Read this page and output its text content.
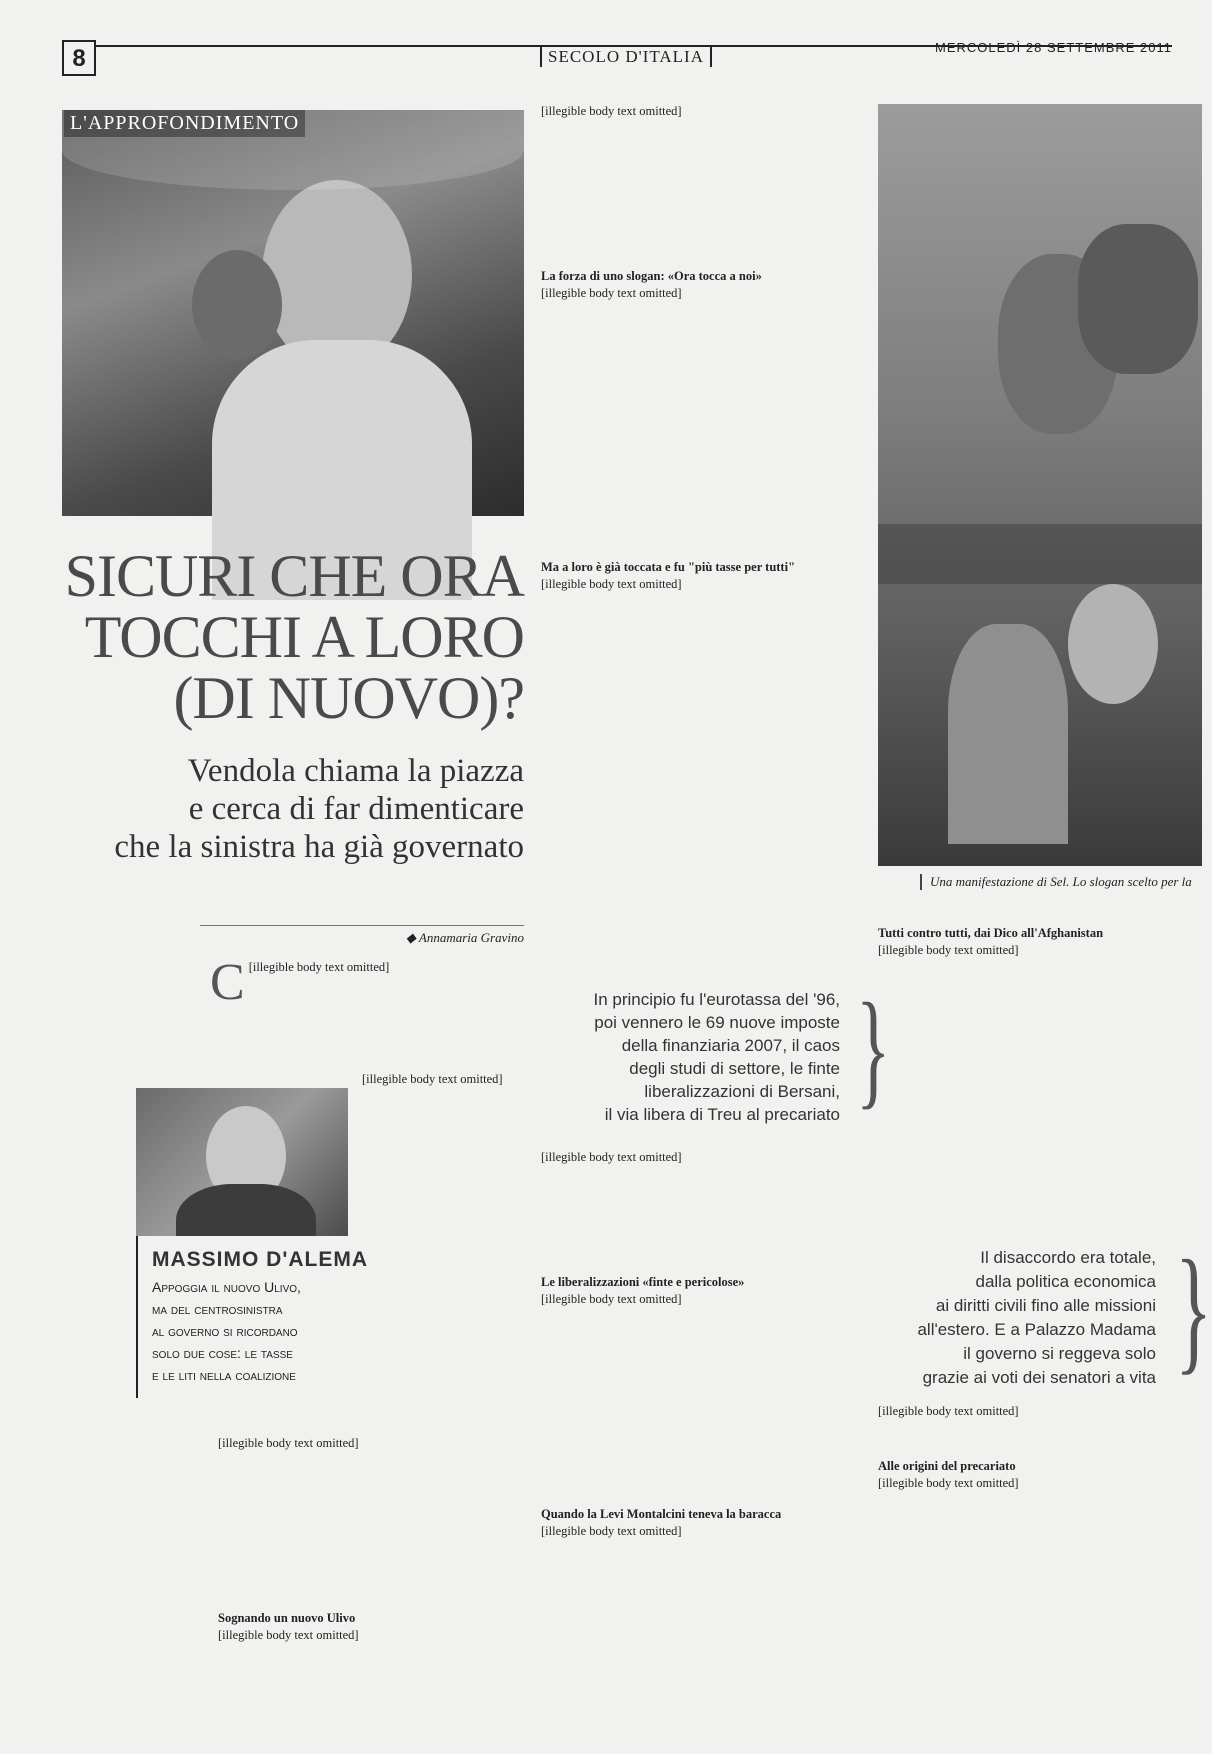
8	SECOLO D'ITALIA	MERCOLEDÌ 28 SETTEMBRE 2011
L'APPROFONDIMENTO
SICURI CHE ORA
TOCCHI A LORO
(DI NUOVO)?
Vendola chiama la piazza
e cerca di far dimenticare
che la sinistra ha già governato
◆ Annamaria Gravino
C [illegible body text omitted]

[illegible body text omitted]

[illegible body text omitted]

Sognando un nuovo Ulivo

[illegible body text omitted]

MASSIMO D'ALEMA
Appoggia il nuovo Ulivo,
ma del centrosinistra
al governo si ricordano
solo due cose: le tasse
e le liti nella coalizione

[illegible body text omitted]

La forza di uno slogan: «Ora tocca a noi»

[illegible body text omitted]

Ma a loro è già toccata e fu "più tasse per tutti"

[illegible body text omitted]

In principio fu l'eurotassa del '96,
poi vennero le 69 nuove imposte
della finanziaria 2007, il caos
degli studi di settore, le finte
liberalizzazioni di Bersani,
il via libera di Treu al precariato }

[illegible body text omitted]

Le liberalizzazioni «finte e pericolose»

[illegible body text omitted]

Quando la Levi Montalcini teneva la baracca

[illegible body text omitted]

Una manifestazione di Sel. Lo slogan scelto per la
Tutti contro tutti, dai Dico all'Afghanistan

[illegible body text omitted]

Il disaccordo era totale,
dalla politica economica
ai diritti civili fino alle missioni
all'estero. E a Palazzo Madama
il governo si reggeva solo
grazie ai voti dei senatori a vita }

[illegible body text omitted]

Alle origini del precariato

[illegible body text omitted]
